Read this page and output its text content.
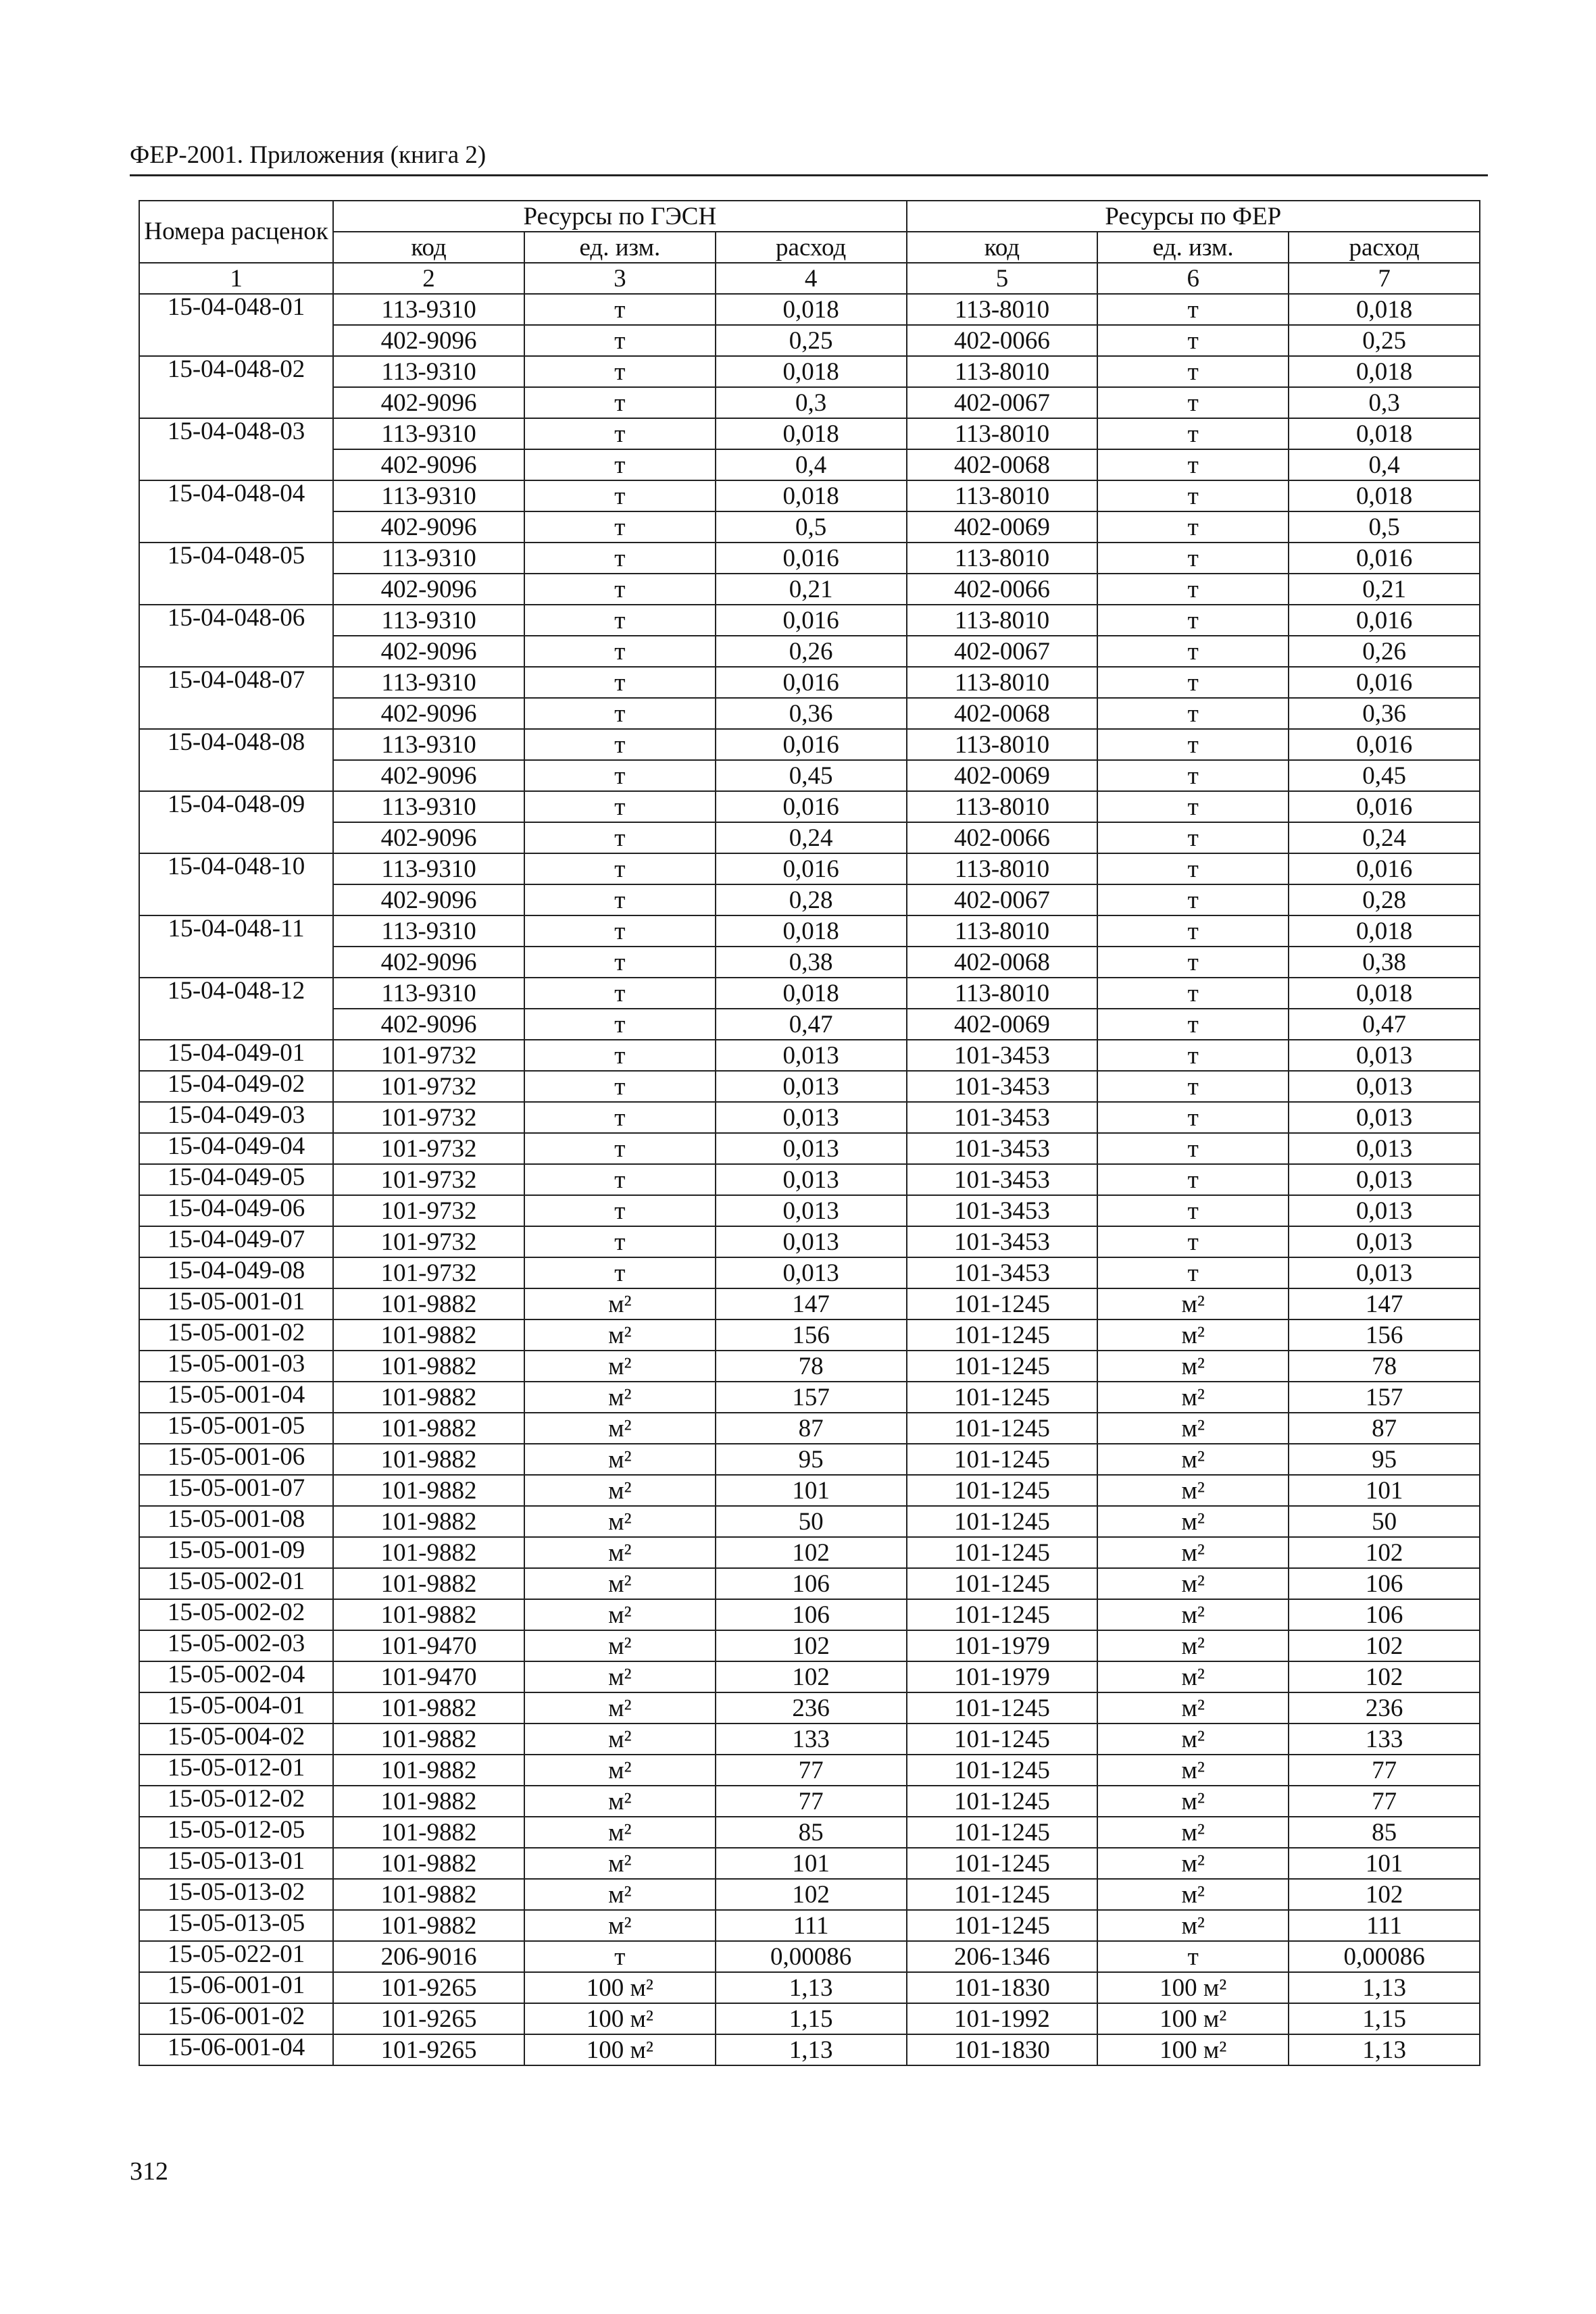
ФЕР-2001. Приложения (книга 2)
Номера расценок	Ресурсы по ГЭСН			Ресурсы по ФЕР		
	код	ед. изм.	расход	код	ед. изм.	расход
1	2	3	4	5	6	7
15-04-048-01	113-9310	т	0,018	113-8010	т	0,018
	402-9096	т	0,25	402-0066	т	0,25
15-04-048-02	113-9310	т	0,018	113-8010	т	0,018
	402-9096	т	0,3	402-0067	т	0,3
15-04-048-03	113-9310	т	0,018	113-8010	т	0,018
	402-9096	т	0,4	402-0068	т	0,4
15-04-048-04	113-9310	т	0,018	113-8010	т	0,018
	402-9096	т	0,5	402-0069	т	0,5
15-04-048-05	113-9310	т	0,016	113-8010	т	0,016
	402-9096	т	0,21	402-0066	т	0,21
15-04-048-06	113-9310	т	0,016	113-8010	т	0,016
	402-9096	т	0,26	402-0067	т	0,26
15-04-048-07	113-9310	т	0,016	113-8010	т	0,016
	402-9096	т	0,36	402-0068	т	0,36
15-04-048-08	113-9310	т	0,016	113-8010	т	0,016
	402-9096	т	0,45	402-0069	т	0,45
15-04-048-09	113-9310	т	0,016	113-8010	т	0,016
	402-9096	т	0,24	402-0066	т	0,24
15-04-048-10	113-9310	т	0,016	113-8010	т	0,016
	402-9096	т	0,28	402-0067	т	0,28
15-04-048-11	113-9310	т	0,018	113-8010	т	0,018
	402-9096	т	0,38	402-0068	т	0,38
15-04-048-12	113-9310	т	0,018	113-8010	т	0,018
	402-9096	т	0,47	402-0069	т	0,47
15-04-049-01	101-9732	т	0,013	101-3453	т	0,013
15-04-049-02	101-9732	т	0,013	101-3453	т	0,013
15-04-049-03	101-9732	т	0,013	101-3453	т	0,013
15-04-049-04	101-9732	т	0,013	101-3453	т	0,013
15-04-049-05	101-9732	т	0,013	101-3453	т	0,013
15-04-049-06	101-9732	т	0,013	101-3453	т	0,013
15-04-049-07	101-9732	т	0,013	101-3453	т	0,013
15-04-049-08	101-9732	т	0,013	101-3453	т	0,013
15-05-001-01	101-9882	м²	147	101-1245	м²	147
15-05-001-02	101-9882	м²	156	101-1245	м²	156
15-05-001-03	101-9882	м²	78	101-1245	м²	78
15-05-001-04	101-9882	м²	157	101-1245	м²	157
15-05-001-05	101-9882	м²	87	101-1245	м²	87
15-05-001-06	101-9882	м²	95	101-1245	м²	95
15-05-001-07	101-9882	м²	101	101-1245	м²	101
15-05-001-08	101-9882	м²	50	101-1245	м²	50
15-05-001-09	101-9882	м²	102	101-1245	м²	102
15-05-002-01	101-9882	м²	106	101-1245	м²	106
15-05-002-02	101-9882	м²	106	101-1245	м²	106
15-05-002-03	101-9470	м²	102	101-1979	м²	102
15-05-002-04	101-9470	м²	102	101-1979	м²	102
15-05-004-01	101-9882	м²	236	101-1245	м²	236
15-05-004-02	101-9882	м²	133	101-1245	м²	133
15-05-012-01	101-9882	м²	77	101-1245	м²	77
15-05-012-02	101-9882	м²	77	101-1245	м²	77
15-05-012-05	101-9882	м²	85	101-1245	м²	85
15-05-013-01	101-9882	м²	101	101-1245	м²	101
15-05-013-02	101-9882	м²	102	101-1245	м²	102
15-05-013-05	101-9882	м²	111	101-1245	м²	111
15-05-022-01	206-9016	т	0,00086	206-1346	т	0,00086
15-06-001-01	101-9265	100 м²	1,13	101-1830	100 м²	1,13
15-06-001-02	101-9265	100 м²	1,15	101-1992	100 м²	1,15
15-06-001-04	101-9265	100 м²	1,13	101-1830	100 м²	1,13
312
